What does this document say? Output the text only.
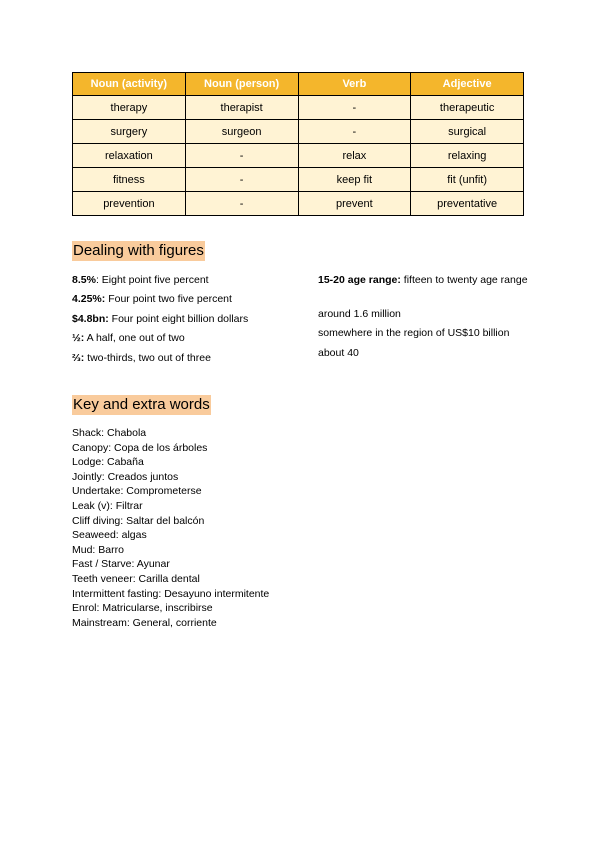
Noun (activity)	Noun (person)	Verb	Adjective
therapy	therapist	-	therapeutic
surgery	surgeon	-	surgical
relaxation	-	relax	relaxing
fitness	-	keep fit	fit (unfit)
prevention	-	prevent	preventative
Dealing with figures
8.5%: Eight point five percent
4.25%: Four point two five percent
$4.8bn: Four point eight billion dollars
½: A half, one out of two
⅔: two-thirds, two out of three
15-20 age range: fifteen to twenty age range
around 1.6 million
somewhere in the region of US$10 billion
about 40
Key and extra words
Shack: Chabola
Canopy: Copa de los árboles
Lodge: Cabaña
Jointly: Creados juntos
Undertake: Comprometerse
Leak (v): Filtrar
Cliff diving: Saltar del balcón
Seaweed: algas
Mud: Barro
Fast / Starve: Ayunar
Teeth veneer: Carilla dental
Intermittent fasting: Desayuno intermitente
Enrol: Matricularse, inscribirse
Mainstream: General, corriente
